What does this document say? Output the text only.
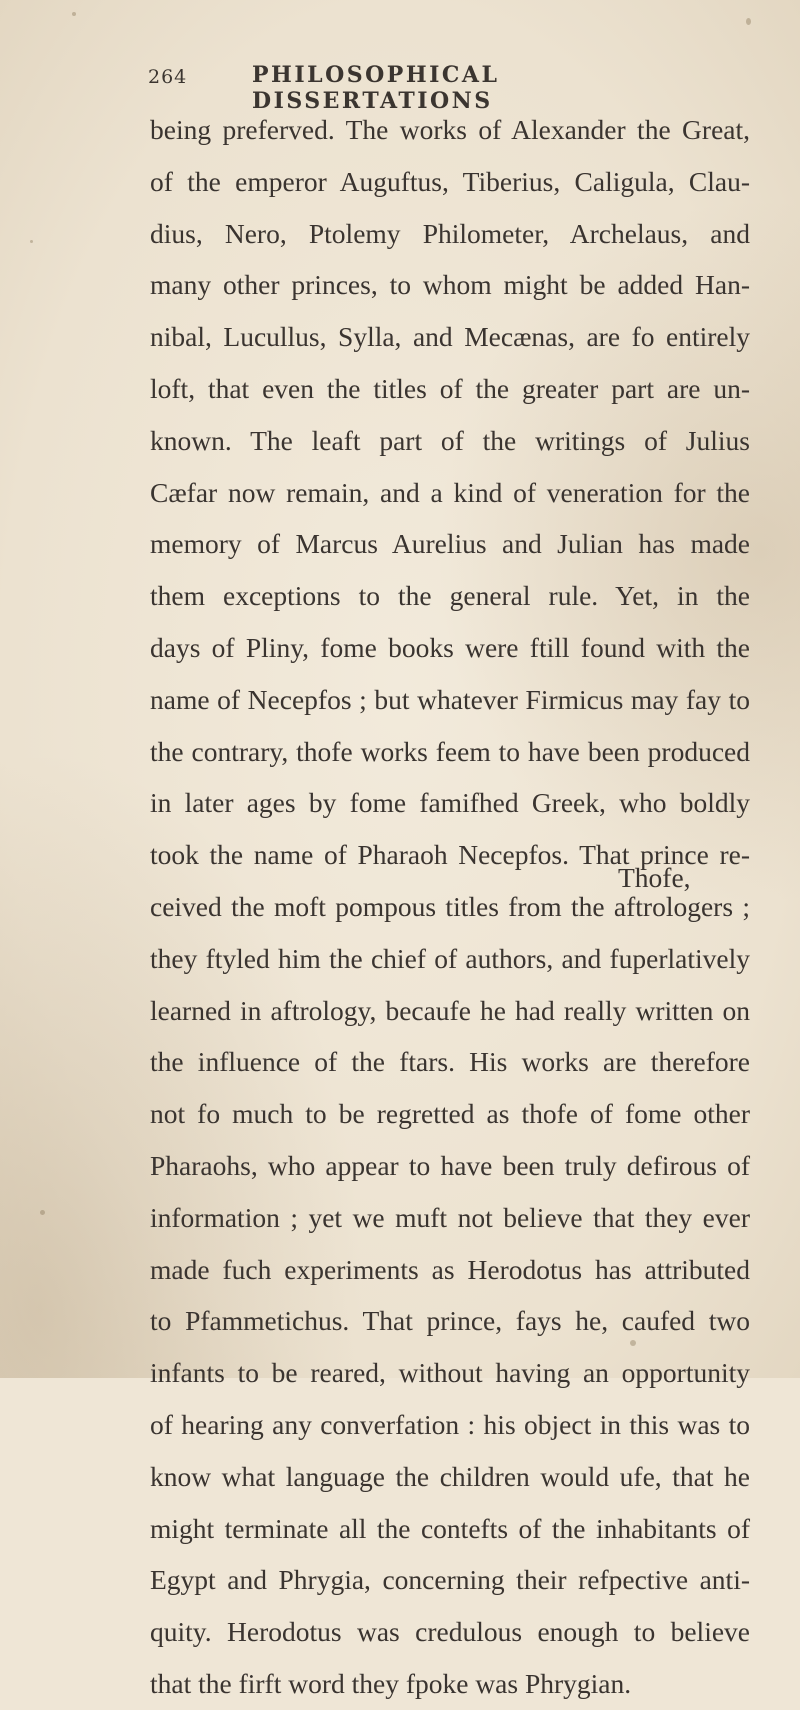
264	PHILOSOPHICAL DISSERTATIONS
being preferved. The works of Alexander the Great,
of the emperor Auguftus, Tiberius, Caligula, Clau-
dius, Nero, Ptolemy Philometer, Archelaus, and
many other princes, to whom might be added Han-
nibal, Lucullus, Sylla, and Mecænas, are fo entirely
loft, that even the titles of the greater part are un-
known. The leaft part of the writings of Julius
Cæfar now remain, and a kind of veneration for the
memory of Marcus Aurelius and Julian has made
them exceptions to the general rule. Yet, in the
days of Pliny, fome books were ftill found with the
name of Necepfos ; but whatever Firmicus may fay to
the contrary, thofe works feem to have been produced
in later ages by fome famifhed Greek, who boldly
took the name of Pharaoh Necepfos. That prince re-
ceived the moft pompous titles from the aftrologers ;
they ftyled him the chief of authors, and fuperlatively
learned in aftrology, becaufe he had really written on
the influence of the ftars. His works are therefore
not fo much to be regretted as thofe of fome other
Pharaohs, who appear to have been truly defirous of
information ; yet we muft not believe that they ever
made fuch experiments as Herodotus has attributed
to Pfammetichus. That prince, fays he, caufed two
infants to be reared, without having an opportunity
of hearing any converfation : his object in this was to
know what language the children would ufe, that he
might terminate all the contefts of the inhabitants of
Egypt and Phrygia, concerning their refpective anti-
quity. Herodotus was credulous enough to believe
that the firft word they fpoke was Phrygian.
Thofe,
